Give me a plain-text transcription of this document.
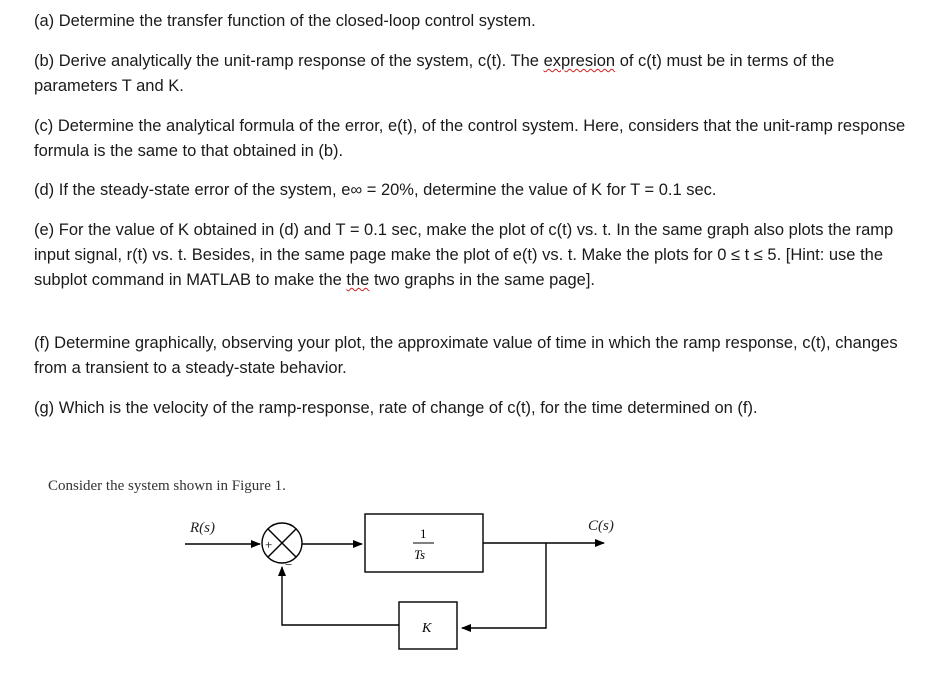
(a) Determine the transfer function of the closed-loop control system.

(b) Derive analytically the unit-ramp response of the system, c(t). The expresion of c(t) must be in terms of the parameters T and K.

(c) Determine the analytical formula of the error, e(t), of the control system. Here, considers that the unit-ramp response formula is the same to that obtained in (b).

(d) If the steady-state error of the system, e∞ = 20%, determine the value of K for T = 0.1 sec.

(e) For the value of K obtained in (d) and T = 0.1 sec, make the plot of c(t) vs. t. In the same graph also plots the ramp input signal, r(t) vs. t. Besides, in the same page make the plot of e(t) vs. t. Make the plots for 0 ≤ t ≤ 5. [Hint: use the subplot command in MATLAB to make the the two graphs in the same page].

(f) Determine graphically, observing your plot, the approximate value of time in which the ramp response, c(t), changes from a transient to a steady-state behavior.

(g) Which is the velocity of the ramp-response, rate of change of c(t), for the time determined on (f).

Consider the system shown in Figure 1.

R(s)	C(s)
+
−
1
Ts
K
